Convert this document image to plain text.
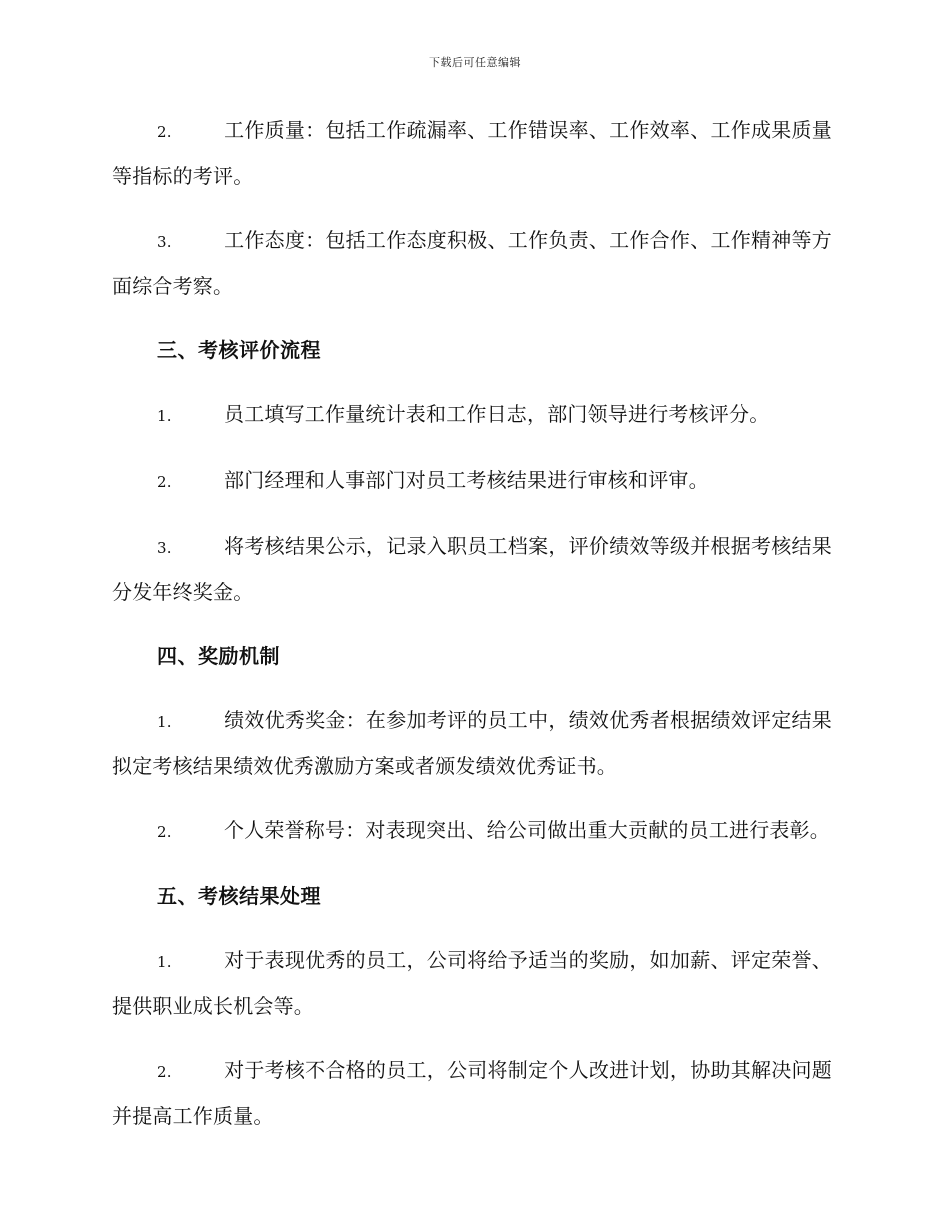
下载后可任意编辑

2.	工作质量：包括工作疏漏率、工作错误率、工作效率、工作成果质量等指标的考评。

3.	工作态度：包括工作态度积极、工作负责、工作合作、工作精神等方面综合考察。

三、考核评价流程

1.	员工填写工作量统计表和工作日志，部门领导进行考核评分。

2.	部门经理和人事部门对员工考核结果进行审核和评审。

3.	将考核结果公示，记录入职员工档案，评价绩效等级并根据考核结果分发年终奖金。

四、奖励机制

1.	绩效优秀奖金：在参加考评的员工中，绩效优秀者根据绩效评定结果拟定考核结果绩效优秀激励方案或者颁发绩效优秀证书。

2.	个人荣誉称号：对表现突出、给公司做出重大贡献的员工进行表彰。

五、考核结果处理

1.	对于表现优秀的员工，公司将给予适当的奖励，如加薪、评定荣誉、提供职业成长机会等。

2.	对于考核不合格的员工，公司将制定个人改进计划，协助其解决问题并提高工作质量。
